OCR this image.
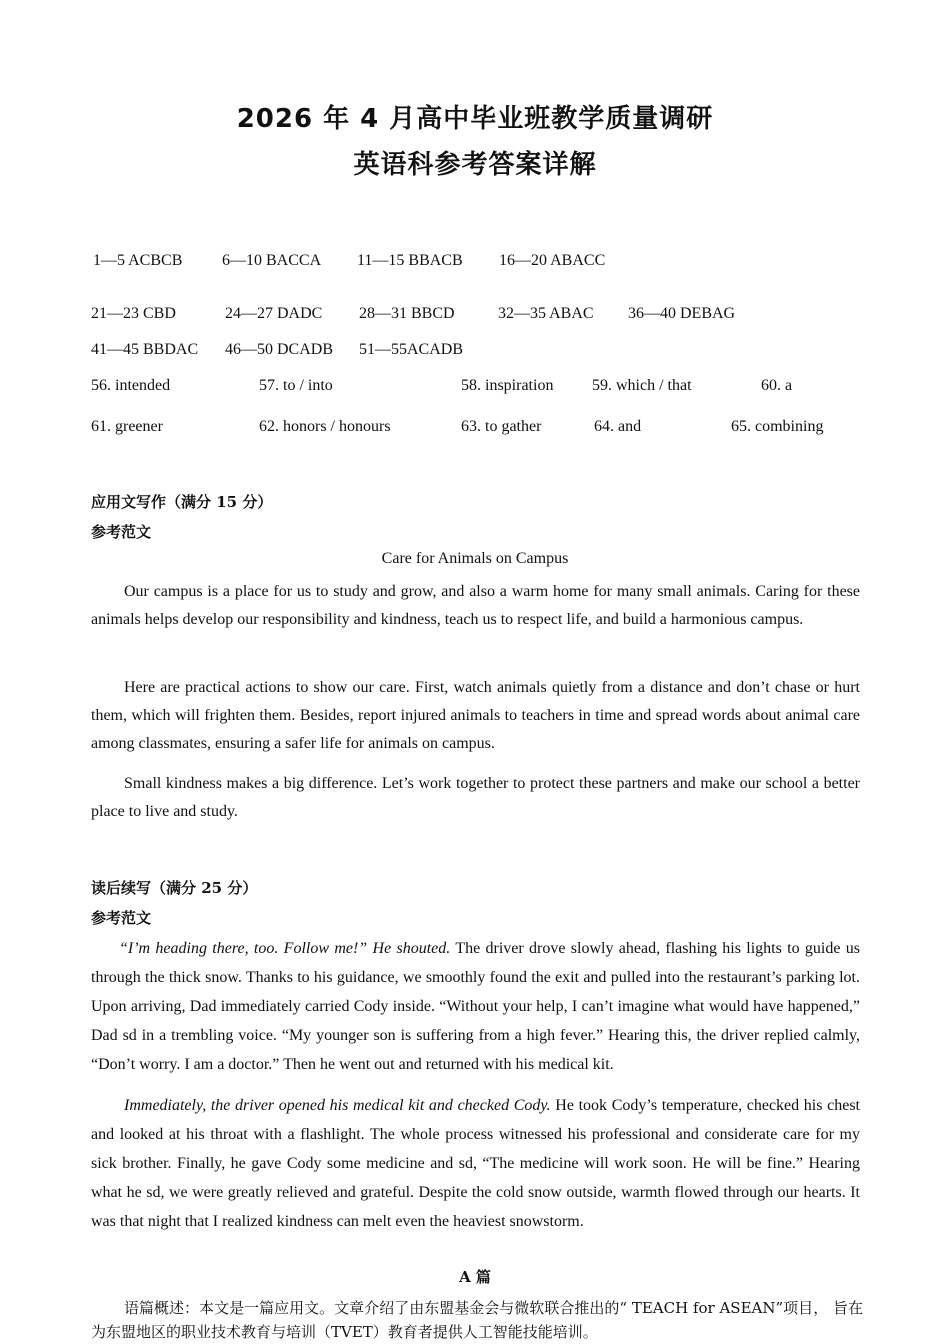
2026 年 4 月高中毕业班教学质量调研
英语科参考答案详解
1—5 ACBCB 6—10 BACCA 11—15 BBACB 16—20 ABACC
21—23 CBD	24—27 DADC 28—31 BBCD	32—35 ABAC 36—40 DEBAG
41—45 BBDAC 46—50 DCADB 51—55ACADB
56. intended	57. to / into	58. inspiration 59. which / that	60. a
61. greener	62. honors / honours	63. to gather	64. and	65. combining
应用文写作（满分 15 分）
参考范文
Care for Animals on Campus

Our campus is a place for us to study and grow, and also a warm home for many small animals. Caring for these animals helps develop our responsibility and kindness, teach us to respect life, and build a harmonious campus.

Here are practical actions to show our care. First, watch animals quietly from a distance and don’t chase or hurt them, which will frighten them. Besides, report injured animals to teachers in time and spread words about animal care among classmates, ensuring a safer life for animals on campus.

Small kindness makes a big difference. Let’s work together to protect these partners and make our school a better place to live and study.

读后续写（满分 25 分）
参考范文

“I’m heading there, too. Follow me!” He shouted. The driver drove slowly ahead, flashing his lights to guide us through the thick snow. Thanks to his guidance, we smoothly found the exit and pulled into the restaurant’s parking lot. Upon arriving, Dad immediately carried Cody inside. “Without your help, I can’t imagine what would have happened,” Dad sd in a trembling voice. “My younger son is suffering from a high fever.” Hearing this, the driver replied calmly, “Don’t worry. I am a doctor.” Then he went out and returned with his medical kit.

Immediately, the driver opened his medical kit and checked Cody. He took Cody’s temperature, checked his chest and looked at his throat with a flashlight. The whole process witnessed his professional and considerate care for my sick brother. Finally, he gave Cody some medicine and sd, “The medicine will work soon. He will be fine.” Hearing what he sd, we were greatly relieved and grateful. Despite the cold snow outside, warmth flowed through our hearts. It was that night that I realized kindness can melt even the heaviest snowstorm.

A 篇

语篇概述：本文是一篇应用文。文章介绍了由东盟基金会与微软联合推出的“ TEACH for ASEAN”项目， 旨在为东盟地区的职业技术教育与培训（TVET）教育者提供人工智能技能培训。
